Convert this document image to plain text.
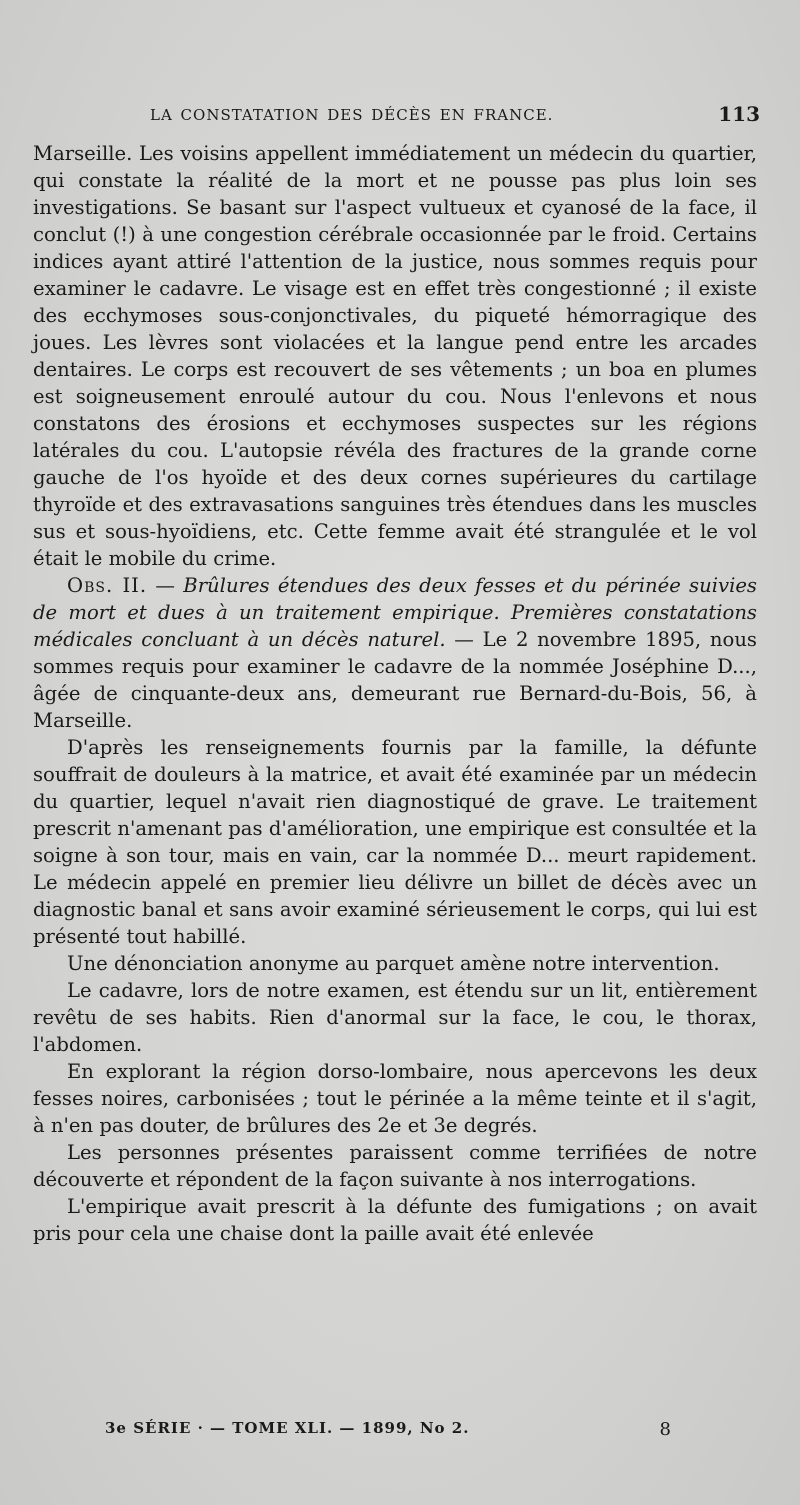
LA CONSTATATION DES DÉCÈS EN FRANCE.	113

Marseille. Les voisins appellent immédiatement un médecin du quartier, qui constate la réalité de la mort et ne pousse pas plus loin ses investigations. Se basant sur l'aspect vultueux et cyanosé de la face, il conclut (!) à une congestion cérébrale occasionnée par le froid. Certains indices ayant attiré l'attention de la justice, nous sommes requis pour examiner le cadavre. Le visage est en effet très congestionné ; il existe des ecchymoses sous-conjonctivales, du piqueté hémorragique des joues. Les lèvres sont violacées et la langue pend entre les arcades dentaires. Le corps est recouvert de ses vêtements ; un boa en plumes est soigneusement enroulé autour du cou. Nous l'enlevons et nous constatons des érosions et ecchymoses suspectes sur les régions latérales du cou. L'autopsie révéla des fractures de la grande corne gauche de l'os hyoïde et des deux cornes supérieures du cartilage thyroïde et des extravasations sanguines très étendues dans les muscles sus et sous-hyoïdiens, etc. Cette femme avait été strangulée et le vol était le mobile du crime.

Obs. II. — Brûlures étendues des deux fesses et du périnée suivies de mort et dues à un traitement empirique. Premières constatations médicales concluant à un décès naturel. — Le 2 novembre 1895, nous sommes requis pour examiner le cadavre de la nommée Joséphine D..., âgée de cinquante-deux ans, demeurant rue Bernard-du-Bois, 56, à Marseille.

D'après les renseignements fournis par la famille, la défunte souffrait de douleurs à la matrice, et avait été examinée par un médecin du quartier, lequel n'avait rien diagnostiqué de grave. Le traitement prescrit n'amenant pas d'amélioration, une empirique est consultée et la soigne à son tour, mais en vain, car la nommée D... meurt rapidement. Le médecin appelé en premier lieu délivre un billet de décès avec un diagnostic banal et sans avoir examiné sérieusement le corps, qui lui est présenté tout habillé.

Une dénonciation anonyme au parquet amène notre intervention.

Le cadavre, lors de notre examen, est étendu sur un lit, entièrement revêtu de ses habits. Rien d'anormal sur la face, le cou, le thorax, l'abdomen.

En explorant la région dorso-lombaire, nous apercevons les deux fesses noires, carbonisées ; tout le périnée a la même teinte et il s'agit, à n'en pas douter, de brûlures des 2e et 3e degrés.

Les personnes présentes paraissent comme terrifiées de notre découverte et répondent de la façon suivante à nos interrogations.

L'empirique avait prescrit à la défunte des fumigations ; on avait pris pour cela une chaise dont la paille avait été enlevée

3e SÉRIE · — TOME XLI. — 1899, No 2.	8
